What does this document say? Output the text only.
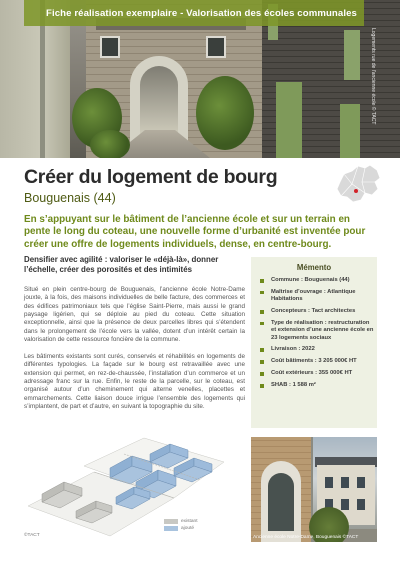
Fiche réalisation exemplaire - Valorisation des écoles communales
Logements rue de l'ancienne école © TACT
Créer du logement de bourg
Bouguenais (44)

En s’appuyant sur le bâtiment de l’ancienne école et sur un terrain en pente le long du coteau, une nouvelle forme d’urbanité est inventée pour créer une offre de logements individuels, dense, en centre-bourg.

Densifier avec agilité : valoriser le «déjà-là», donner l’échelle, créer des porosités et des intimités

Situé en plein centre-bourg de Bouguenais, l’ancienne école Notre-Dame jouxte, à la fois, des maisons individuelles de belle facture, des commerces et des édifices patrimoniaux tels que l’église Saint-Pierre, mais aussi le grand paysage ligérien, qui se déploie au pied du coteau. Cette situation exceptionnelle, ainsi que la présence de deux parcelles libres qui s’étendent dans le prolongement de l’école vers la vallée, dotent d’un intérêt certain la valorisation de cette ressource foncière de la commune.

Les bâtiments existants sont curés, conservés et réhabilités en logements de différentes typologies. La façade sur le bourg est retravaillée avec une extension qui permet, en rez-de-chaussée, l’installation d’un commerce et un adressage franc sur la rue. Enfin, le reste de la parcelle, sur le coteau, est organisé autour d’un cheminement qui alterne venelles, placettes et emmarchements. Cette liaison douce irrigue l’ensemble des logements qui s’implantent, de part et d’autre, en suivant la topographie du site.

Mémento
Commune : Bouguenais (44)
Maîtrise d’ouvrage : Atlantique Habitations
Concepteurs : Tact architectes
Type de réalisation : restructuration et extension d’une ancienne école en 23 logements sociaux
Livraison : 2022
Coût bâtiments : 3 205 000€ HT
Coût extérieurs : 355 000€ HT
SHAB : 1 588 m²
existant
ajouté
©TACT	Ancienne école Notre-Dame, Bouguenais ©TACT
